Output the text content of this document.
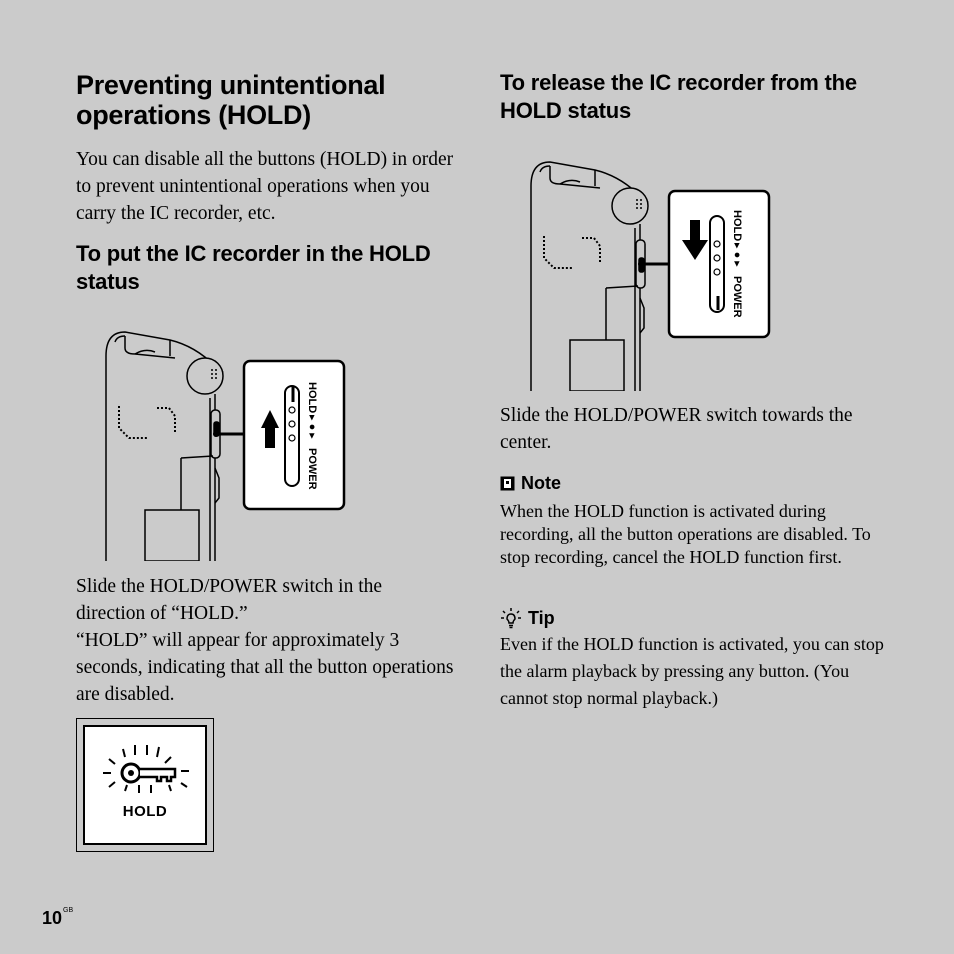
Preventing unintentional operations (HOLD)
You can disable all the buttons (HOLD) in order to prevent unintentional operations when you carry the IC recorder, etc.
To put the IC recorder in the HOLD status
HOLD
▸ ● ▸
POWER
Slide the HOLD/POWER switch in the direction of “HOLD.”
“HOLD” will appear for approximately 3 seconds, indicating that all the button operations are disabled.
HOLD
To release the IC recorder from the HOLD status
HOLD
▸ ● ▸
POWER
Slide the HOLD/POWER switch towards the center.
Note
When the HOLD function is activated during recording, all the button operations are disabled. To stop recording, cancel the HOLD function first.
Tip
Even if the HOLD function is activated, you can stop the alarm playback by pressing any button. (You cannot stop normal playback.)
$10^{GB}$
